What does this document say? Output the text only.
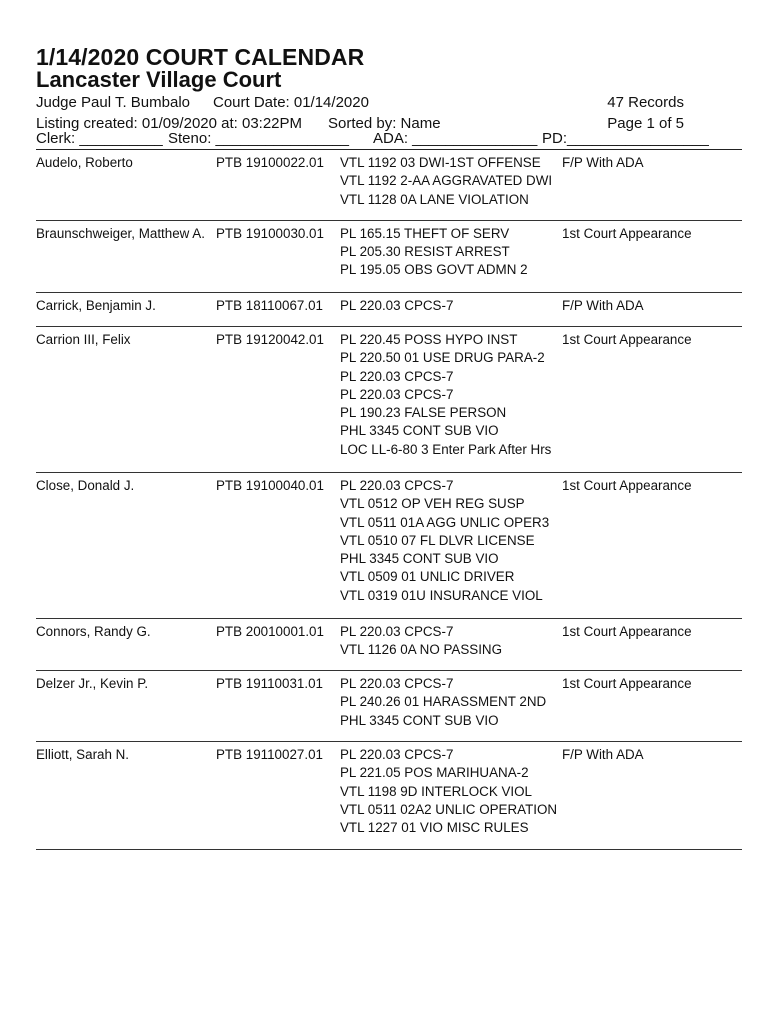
1/14/2020 COURT CALENDAR
Lancaster Village Court
Judge Paul T. Bumbalo Court Date: 01/14/2020	47 Records
Listing created: 01/09/2020 at: 03:22PM Sorted by: Name	Page 1 of 5
Clerk: __________ Steno: ________________ ADA: _______________ PD:_________________
Audelo, Roberto	PTB 19100022.01	F/P With ADA
VTL 1192 03 DWI-1ST OFFENSE
VTL 1192 2-AA AGGRAVATED DWI
VTL 1128 0A LANE VIOLATION
Braunschweiger, Matthew A. PTB 19100030.01	1st Court Appearance
PL 165.15 THEFT OF SERV
PL 205.30 RESIST ARREST
PL 195.05 OBS GOVT ADMN 2
Carrick, Benjamin J.	PTB 18110067.01	F/P With ADA
PL 220.03 CPCS-7
Carrion III, Felix	PTB 19120042.01	1st Court Appearance
PL 220.45 POSS HYPO INST
PL 220.50 01 USE DRUG PARA-2
PL 220.03 CPCS-7
PL 220.03 CPCS-7
PL 190.23 FALSE PERSON
PHL 3345 CONT SUB VIO
LOC LL-6-80 3 Enter Park After Hrs
Close, Donald J.	PTB 19100040.01	1st Court Appearance
PL 220.03 CPCS-7
VTL 0512 OP VEH REG SUSP
VTL 0511 01A AGG UNLIC OPER3
VTL 0510 07 FL DLVR LICENSE
PHL 3345 CONT SUB VIO
VTL 0509 01 UNLIC DRIVER
VTL 0319 01U INSURANCE VIOL
Connors, Randy G.	PTB 20010001.01	1st Court Appearance
PL 220.03 CPCS-7
VTL 1126 0A NO PASSING
Delzer Jr., Kevin P.	PTB 19110031.01	1st Court Appearance
PL 220.03 CPCS-7
PL 240.26 01 HARASSMENT 2ND
PHL 3345 CONT SUB VIO
Elliott, Sarah N.	PTB 19110027.01	F/P With ADA
PL 220.03 CPCS-7
PL 221.05 POS MARIHUANA-2
VTL 1198 9D INTERLOCK VIOL
VTL 0511 02A2 UNLIC OPERATION
VTL 1227 01 VIO MISC RULES
